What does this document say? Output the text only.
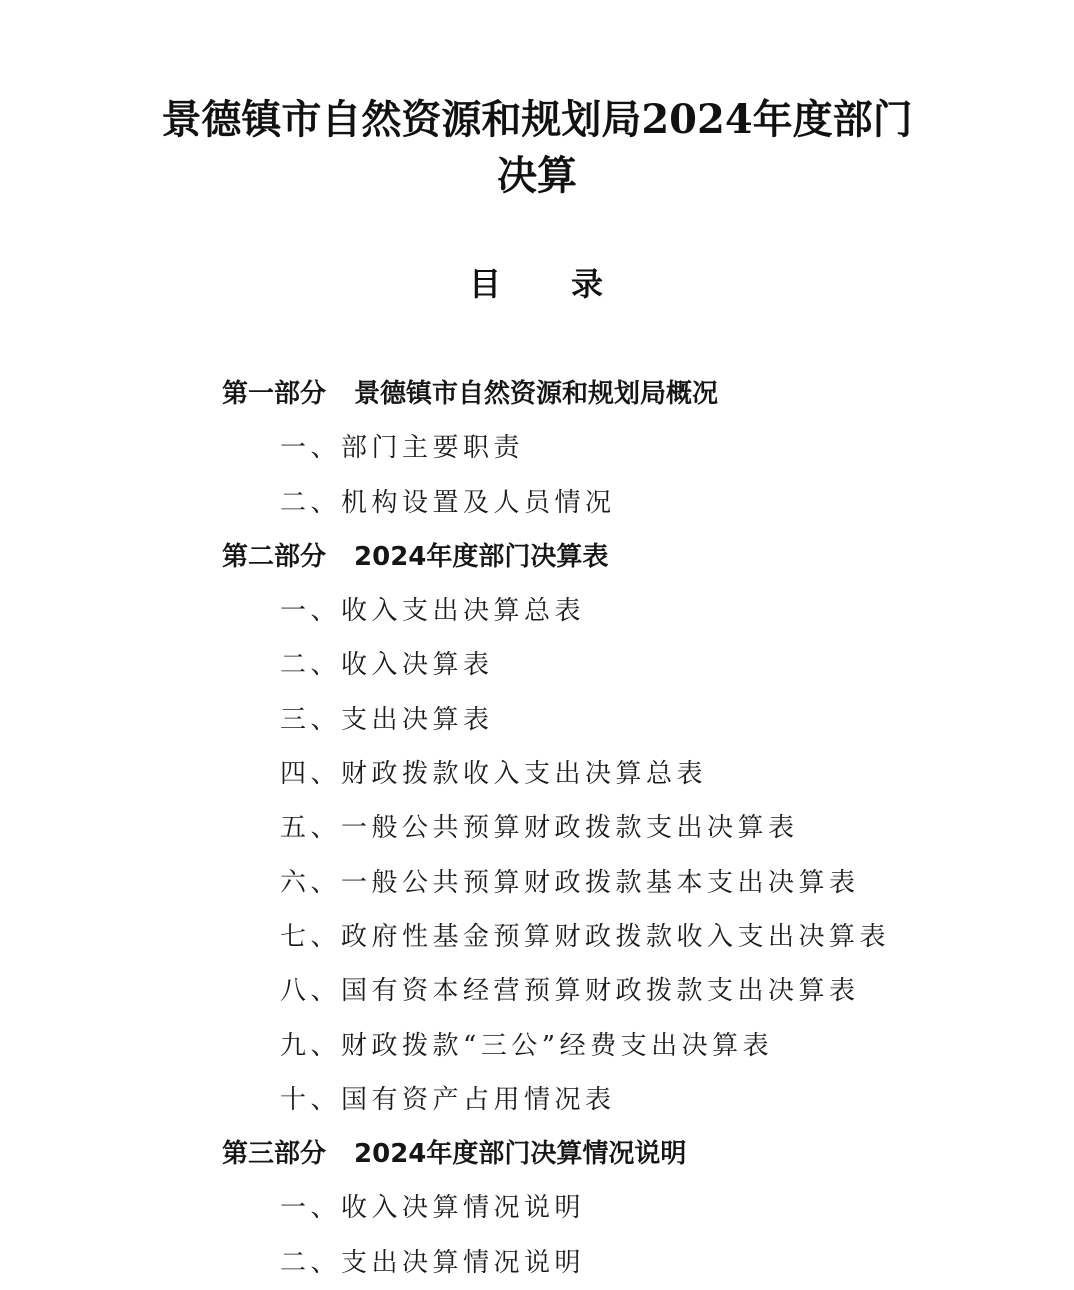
景德镇市自然资源和规划局2024年度部门
决算
目　　录
第一部分 景德镇市自然资源和规划局概况
一、部门主要职责
二、机构设置及人员情况
第二部分 2024年度部门决算表
一、收入支出决算总表
二、收入决算表
三、支出决算表
四、财政拨款收入支出决算总表
五、一般公共预算财政拨款支出决算表
六、一般公共预算财政拨款基本支出决算表
七、政府性基金预算财政拨款收入支出决算表
八、国有资本经营预算财政拨款支出决算表
九、财政拨款“三公”经费支出决算表
十、国有资产占用情况表
第三部分 2024年度部门决算情况说明
一、收入决算情况说明
二、支出决算情况说明
